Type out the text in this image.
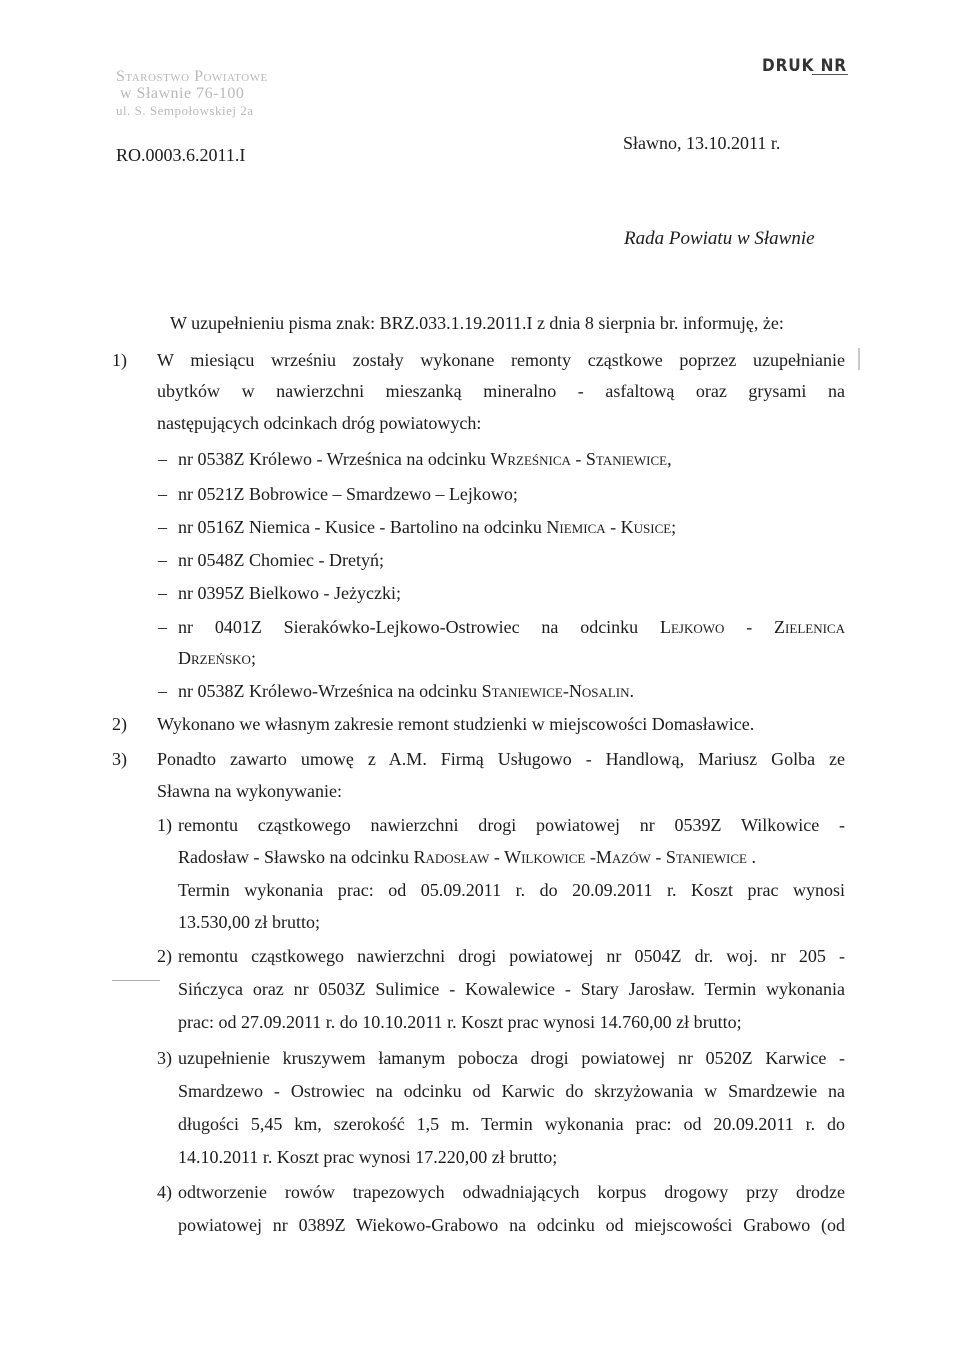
Starostwo Powiatowe
w Sławnie 76-100
ul. S. Sempołowskiej 2a
DRUK NR
Sławno, 13.10.2011 r.
RO.0003.6.2011.I
Rada Powiatu w Sławnie
W uzupełnieniu pisma znak: BRZ.033.1.19.2011.I z dnia 8 sierpnia br. informuję, że:
1) W miesiącu wrześniu zostały wykonane remonty cząstkowe poprzez uzupełnianie
ubytków w nawierzchni mieszanką mineralno - asfaltową oraz grysami na
następujących odcinkach dróg powiatowych:
– nr 0538Z Królewo - Wrześnica na odcinku Wrześnica - Staniewice,
– nr 0521Z Bobrowice – Smardzewo – Lejkowo;
– nr 0516Z Niemica - Kusice - Bartolino na odcinku Niemica - Kusice;
– nr 0548Z Chomiec - Dretyń;
– nr 0395Z Bielkowo - Jeżyczki;
– nr 0401Z Sierakówko-Lejkowo-Ostrowiec na odcinku Lejkowo - Zielenica
Drzeńsko;
– nr 0538Z Królewo-Wrześnica na odcinku Staniewice-Nosalin.
2) Wykonano we własnym zakresie remont studzienki w miejscowości Domasławice.
3) Ponadto zawarto umowę z A.M. Firmą Usługowo - Handlową, Mariusz Golba ze
Sławna na wykonywanie:
1) remontu cząstkowego nawierzchni drogi powiatowej nr 0539Z Wilkowice -
Radosław - Sławsko na odcinku Radosław - Wilkowice -Mazów - Staniewice .
Termin wykonania prac: od 05.09.2011 r. do 20.09.2011 r. Koszt prac wynosi
13.530,00 zł brutto;
2) remontu cząstkowego nawierzchni drogi powiatowej nr 0504Z dr. woj. nr 205 -
Sińczyca oraz nr 0503Z Sulimice - Kowalewice - Stary Jarosław. Termin wykonania
prac: od 27.09.2011 r. do 10.10.2011 r. Koszt prac wynosi 14.760,00 zł brutto;
3) uzupełnienie kruszywem łamanym pobocza drogi powiatowej nr 0520Z Karwice -
Smardzewo - Ostrowiec na odcinku od Karwic do skrzyżowania w Smardzewie na
długości 5,45 km, szerokość 1,5 m. Termin wykonania prac: od 20.09.2011 r. do
14.10.2011 r. Koszt prac wynosi 17.220,00 zł brutto;
4) odtworzenie rowów trapezowych odwadniających korpus drogowy przy drodze
powiatowej nr 0389Z Wiekowo-Grabowo na odcinku od miejscowości Grabowo (od
